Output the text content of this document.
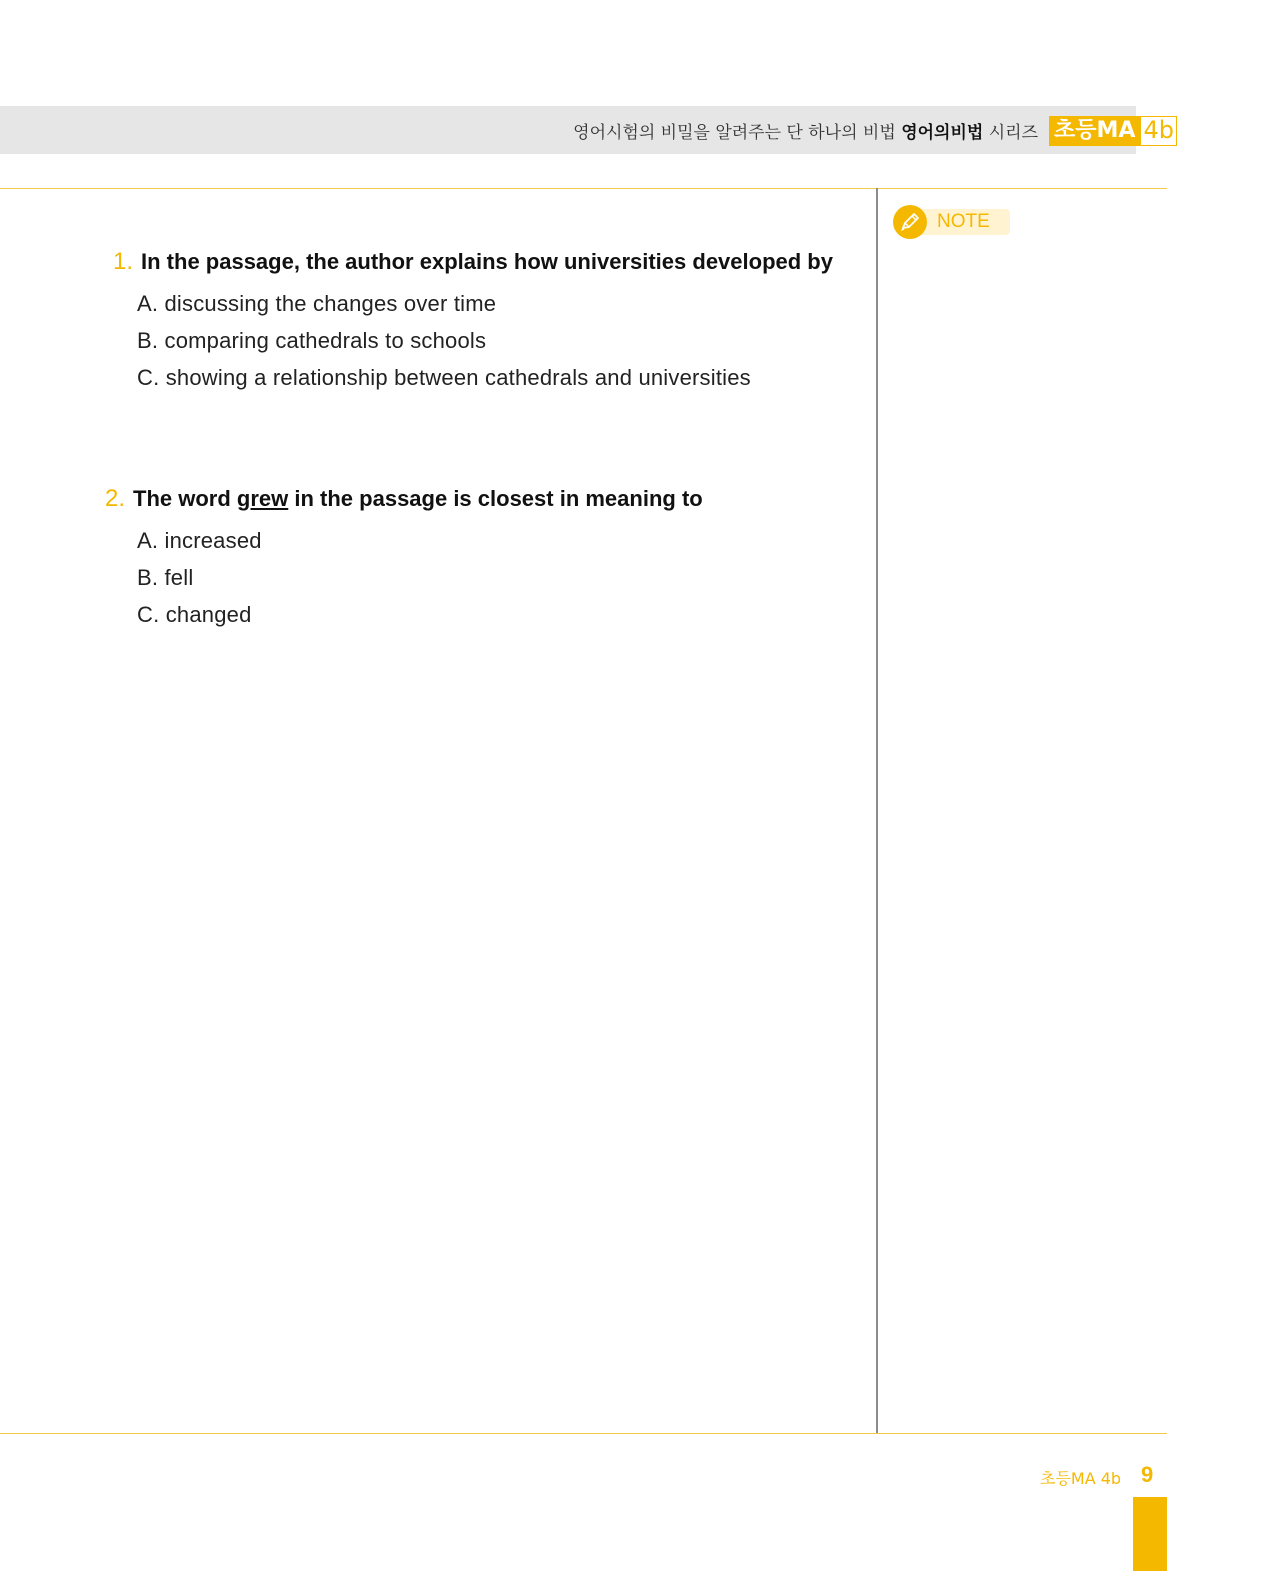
영어시험의 비밀을 알려주는 단 하나의 비법 영어의비법 시리즈 초등MA 4b
NOTE
1. In the passage, the author explains how universities developed by
A. discussing the changes over time
B. comparing cathedrals to schools
C. showing a relationship between cathedrals and universities
2. The word grew in the passage is closest in meaning to
A. increased
B. fell
C. changed
초등MA 4b 9
